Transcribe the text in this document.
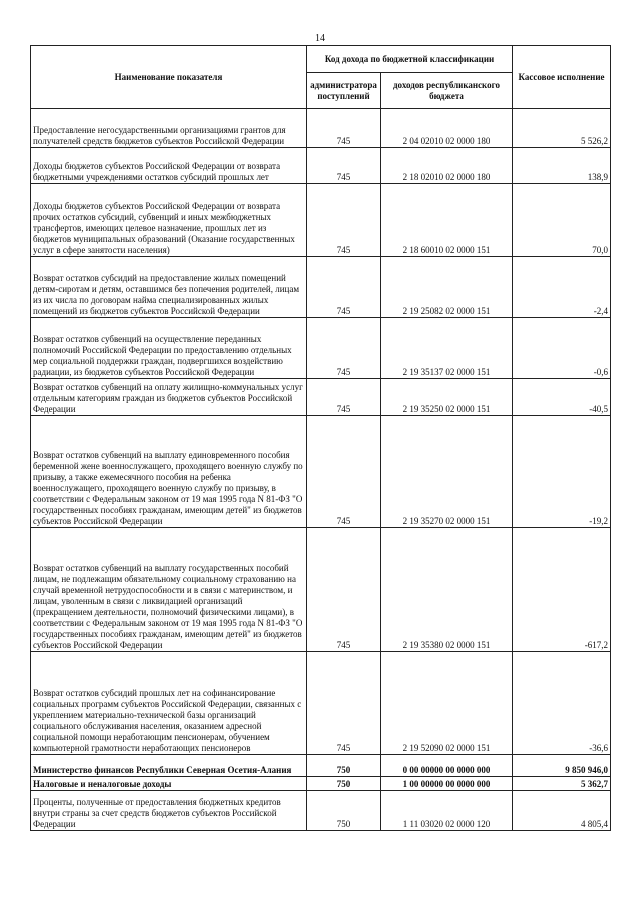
14
Наименование показателя	Код дохода по бюджетной классификации		Кассовое исполнение
	администратора поступлений	доходов республиканского бюджета	
Предоставление негосударственными организациями грантов для получателей средств бюджетов субъектов Российской Федерации	745	2 04 02010 02 0000 180	5 526,2
Доходы бюджетов субъектов Российской Федерации от возврата бюджетными учреждениями остатков субсидий прошлых лет	745	2 18 02010 02 0000 180	138,9
Доходы бюджетов субъектов Российской Федерации от возврата прочих остатков субсидий, субвенций и иных межбюджетных трансфертов, имеющих целевое назначение, прошлых лет из бюджетов муниципальных образований (Оказание государственных услуг в сфере занятости населения)	745	2 18 60010 02 0000 151	70,0
Возврат остатков субсидий на предоставление жилых помещений детям-сиротам и детям, оставшимся без попечения родителей, лицам из их числа по договорам найма специализированных жилых помещений из бюджетов субъектов Российской Федерации	745	2 19 25082 02 0000 151	-2,4
Возврат остатков субвенций на осуществление переданных полномочий Российской Федерации по предоставлению отдельных мер социальной поддержки граждан, подвергшихся воздействию радиации, из бюджетов субъектов Российской Федерации	745	2 19 35137 02 0000 151	-0,6
Возврат остатков субвенций на оплату жилищно-коммунальных услуг отдельным категориям граждан из бюджетов субъектов Российской Федерации	745	2 19 35250 02 0000 151	-40,5
Возврат остатков субвенций на выплату единовременного пособия беременной жене военнослужащего, проходящего военную службу по призыву, а также ежемесячного пособия на ребенка военнослужащего, проходящего военную службу по призыву, в соответствии с Федеральным законом от 19 мая 1995 года N 81-ФЗ "О государственных пособиях гражданам, имеющим детей" из бюджетов субъектов Российской Федерации	745	2 19 35270 02 0000 151	-19,2
Возврат остатков субвенций на выплату государственных пособий лицам, не подлежащим обязательному социальному страхованию на случай временной нетрудоспособности и в связи с материнством, и лицам, уволенным в связи с ликвидацией организаций (прекращением деятельности, полномочий физическими лицами), в соответствии с Федеральным законом от 19 мая 1995 года N 81-ФЗ "О государственных пособиях гражданам, имеющим детей" из бюджетов субъектов Российской Федерации	745	2 19 35380 02 0000 151	-617,2
Возврат остатков субсидий прошлых лет на софинансирование социальных программ субъектов Российской Федерации, связанных с укреплением материально-технической базы организаций социального обслуживания населения, оказанием адресной социальной помощи неработающим пенсионерам, обучением компьютерной грамотности неработающих пенсионеров	745	2 19 52090 02 0000 151	-36,6
Министерство финансов Республики Северная Осетия-Алания	750	0 00 00000 00 0000 000	9 850 946,0
Налоговые и неналоговые доходы	750	1 00 00000 00 0000 000	5 362,7
Проценты, полученные от предоставления бюджетных кредитов внутри страны за счет средств бюджетов субъектов Российской Федерации	750	1 11 03020 02 0000 120	4 805,4
